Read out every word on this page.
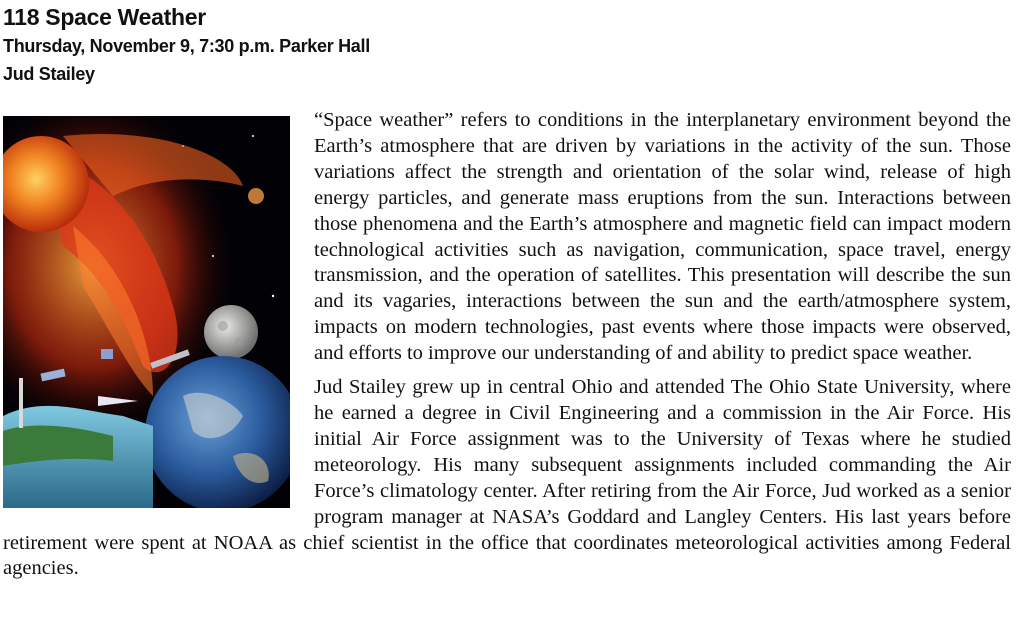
118 Space Weather
Thursday, November 9, 7:30 p.m. Parker Hall
Jud Stailey

“Space weather” refers to conditions in the interplanetary environment beyond the Earth’s atmosphere that are driven by variations in the activity of the sun. Those variations affect the strength and orientation of the solar wind, release of high energy particles, and generate mass eruptions from the sun. Interactions between those phenomena and the Earth’s atmosphere and magnetic field can impact modern technological activities such as navigation, communication, space travel, energy transmission, and the operation of satellites. This presentation will describe the sun and its vagaries, interactions between the sun and the earth/atmosphere system, impacts on modern technologies, past events where those impacts were observed, and efforts to improve our understanding of and ability to predict space weather.

Jud Stailey grew up in central Ohio and attended The Ohio State University, where he earned a degree in Civil Engineering and a commission in the Air Force. His initial Air Force assignment was to the University of Texas where he studied meteorology. His many subsequent assignments included commanding the Air Force’s climatology center. After retiring from the Air Force, Jud worked as a senior program manager at NASA’s Goddard and Langley Centers. His last years before retirement were spent at NOAA as chief scientist in the office that coordinates meteorological activities among Federal agencies.
